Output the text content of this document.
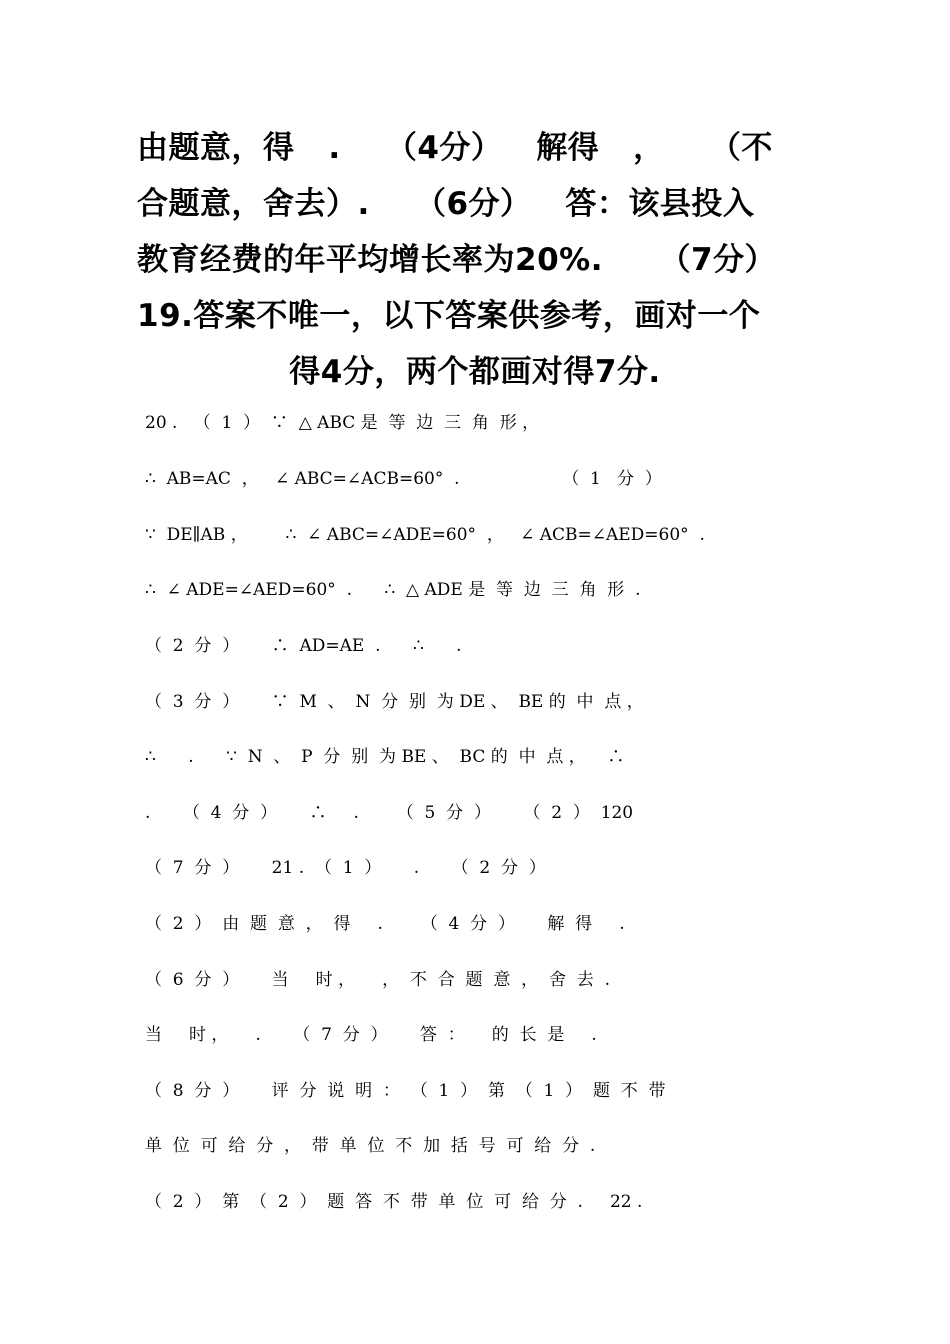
由题意，得   .    （4分）   解得   ，    （不
合题意，舍去）.    （6分）   答：该县投入
教育经费的年平均增长率为20%.     （7分）
19.答案不唯一，以下答案供参考，画对一个
得4分，两个都画对得7分.
20 .   （  1  ）  ∵  △ ABC 是  等  边  三  角  形 ，
∴  AB=AC  ，   ∠ ABC=∠ACB=60°  .                   （  1   分  ）
∵  DE∥AB ，       ∴  ∠ ABC=∠ADE=60°  ，   ∠ ACB=∠AED=60°  .
∴  ∠ ADE=∠AED=60°  .      ∴  △ ADE 是  等  边  三  角  形  .
（  2  分  ）      ∴  AD=AE  .      ∴      .
（  3  分  ）      ∵  M  、  N  分  别  为 DE 、  BE 的  中  点 ，
∴      .      ∵  N  、  P  分  别  为 BE 、  BC 的  中  点 ，    ∴
.      （  4  分  ）      ∴     .       （  5  分  ）      （  2  ）  120
（  7  分  ）      21 .  （  1  ）      .      （  2  分  ）
（  2  ）  由  题  意  ，  得     .       （  4  分  ）      解  得     .
（  6  分  ）      当     时 ，     ，  不  合  题  意  ，  舍  去  .
当     时 ，     .      （  7  分  ）      答  ：     的  长  是     .
（  8  分  ）      评  分  说  明  ：  （  1  ）  第  （  1  ）  题  不  带
单  位  可  给  分  ，  带  单  位  不  加  括  号  可  给  分  .
（  2  ）  第  （  2  ）  题  答  不  带  单  位  可  给  分  .     22 .
